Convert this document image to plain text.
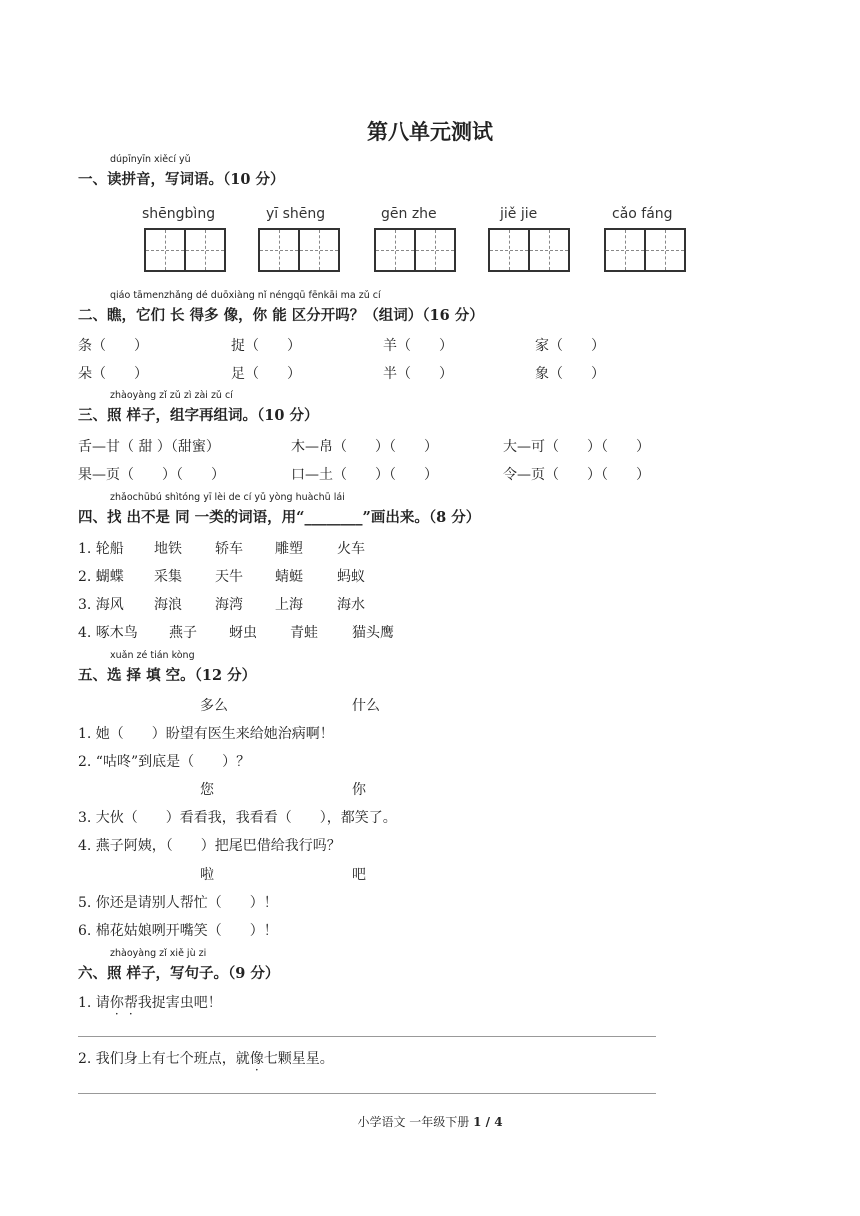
第八单元测试
dúpīnyīn xiěcí yǔ
一、读拼音，写词语。（10 分）
shēngbìng	yī shēng	gēn zhe	jiě jie	cǎo fáng
qiáo tāmenzhǎng dé duōxiàng nǐ néngqū fēnkāi ma zǔ cí
二、瞧，它们 长 得多 像，你 能 区分开吗？（组词）（16 分）
条（　　）	捉（　　）	羊（　　）	家（　　）
朵（　　）	足（　　）	半（　　）	象（　　）
zhàoyàng zǐ zǔ zì zài zǔ cí
三、照 样子，组字再组词。（10 分）
舌—甘（ 甜 ）（甜蜜）	木—帛（　　）（　　）	大—可（　　）（　　）
果—页（　　）（　　）	口—土（　　）（　　）	令—页（　　）（　　）
zhǎochūbú shìtóng yī lèi de cí yǔ yòng huàchū lái
四、找 出不是 同 一类的词语，用“________”画出来。（8 分）
1. 轮船 地铁 轿车 雕塑 火车
2. 蝴蝶 采集 天牛 蜻蜓 蚂蚁
3. 海风 海浪 海湾 上海 海水
4. 啄木鸟 燕子 蚜虫 青蛙 猫头鹰
xuǎn zé tián kòng
五、选 择 填 空。（12 分）
多么	什么
1. 她（　　）盼望有医生来给她治病啊！
2. “咕咚”到底是（　　）？
您	你
3. 大伙（　　）看看我，我看看（　　），都笑了。
4. 燕子阿姨，（　　）把尾巴借给我行吗？
啦	吧
5. 你还是请别人帮忙（　　）！
6. 棉花姑娘咧开嘴笑（　　）！
zhàoyàng zǐ xiě jù zi
六、照 样子，写句子。（9 分）
1. 请你帮我捉害虫吧！
2. 我们身上有七个班点，就像七颗星星。
小学语文 一年级下册 1 / 4
